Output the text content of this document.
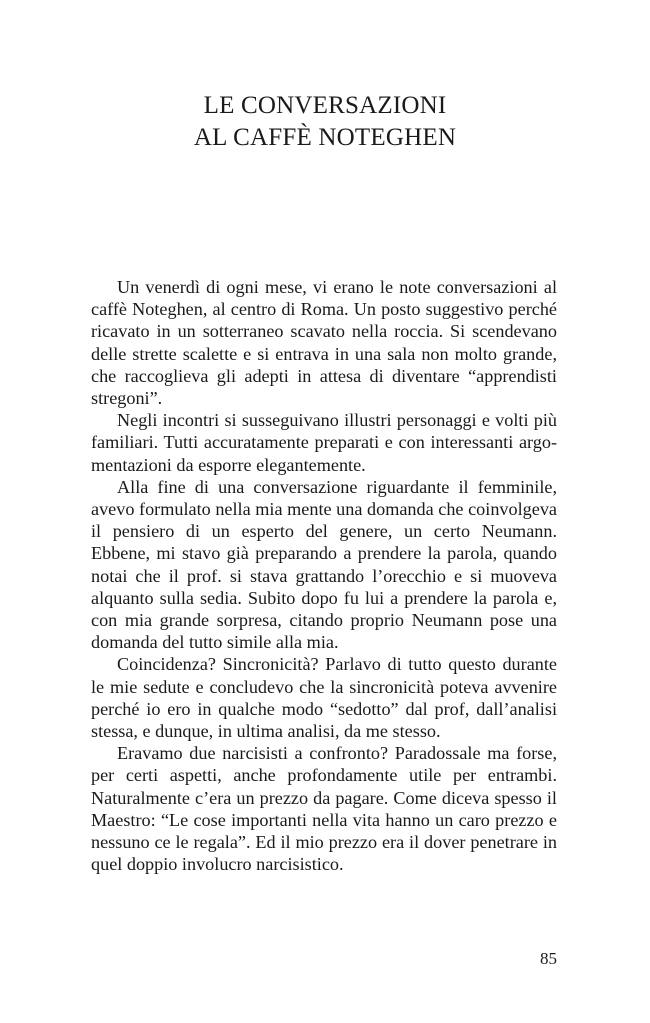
LE CONVERSAZIONI
AL CAFFÈ NOTEGHEN

Un venerdì di ogni mese, vi erano le note conversazioni al caffè Noteghen, al centro di Roma. Un posto suggestivo perché ricavato in un sotterraneo scavato nella roccia. Si scendevano delle strette scalette e si entrava in una sala non molto grande, che raccoglieva gli adepti in attesa di diventare “apprendisti stregoni”.

Negli incontri si susseguivano illustri personaggi e volti più familiari. Tutti accuratamente preparati e con interessanti argomentazioni da esporre elegantemente.

Alla fine di una conversazione riguardante il femminile, avevo formulato nella mia mente una domanda che coinvolgeva il pensiero di un esperto del genere, un certo Neumann. Ebbene, mi stavo già preparando a prendere la parola, quando notai che il prof. si stava grattando l’orecchio e si muoveva alquanto sulla sedia. Subito dopo fu lui a prendere la parola e, con mia grande sorpresa, citando proprio Neumann pose una domanda del tutto simile alla mia.

Coincidenza? Sincronicità? Parlavo di tutto questo durante le mie sedute e concludevo che la sincronicità poteva avvenire perché io ero in qualche modo “sedotto” dal prof, dall’analisi stessa, e dunque, in ultima analisi, da me stesso.

Eravamo due narcisisti a confronto? Paradossale ma forse, per certi aspetti, anche profondamente utile per entrambi. Naturalmente c’era un prezzo da pagare. Come diceva spesso il Maestro: “Le cose importanti nella vita hanno un caro prezzo e nessuno ce le regala”. Ed il mio prezzo era il dover penetrare in quel doppio involucro narcisistico.

85
